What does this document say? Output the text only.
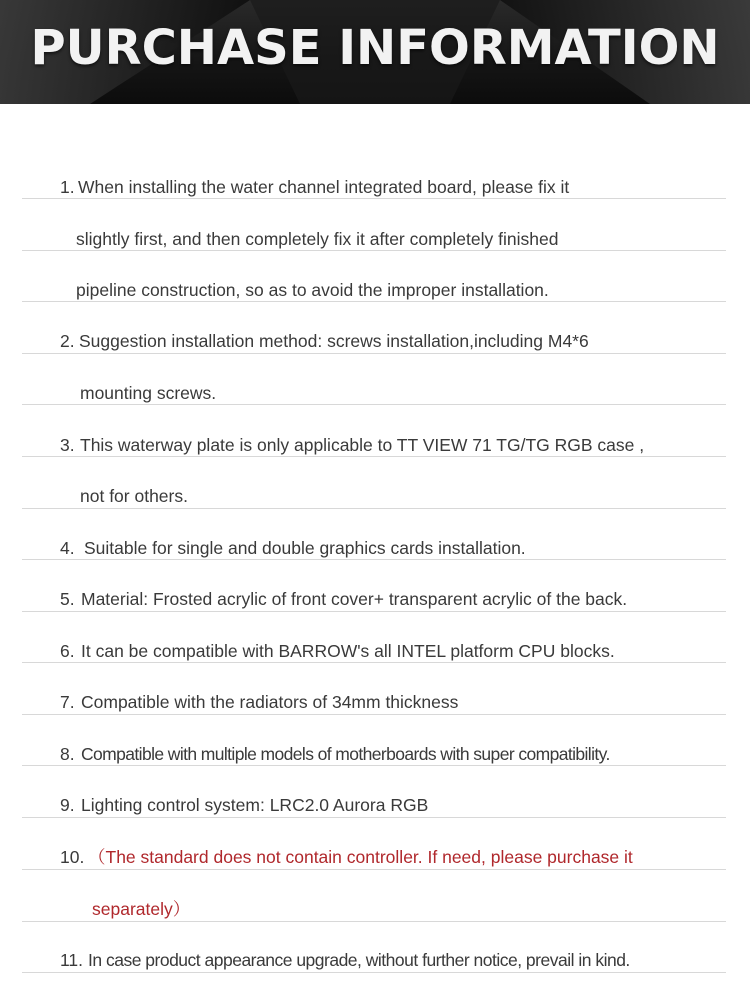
PURCHASE INFORMATION
1. When installing the water channel integrated board, please fix it
slightly first, and then completely fix it after completely finished
pipeline construction, so as to avoid the improper installation.
2. Suggestion installation method: screws installation,including M4*6
mounting screws.
3. This waterway plate is only applicable to TT VIEW 71 TG/TG RGB case ,
not for others.
4. Suitable for single and double graphics cards installation.
5. Material: Frosted acrylic of front cover+ transparent acrylic of the back.
6. It can be compatible with BARROW's all INTEL platform CPU blocks.
7. Compatible with the radiators of 34mm thickness
8. Compatible with multiple models of motherboards with super compatibility.
9. Lighting control system: LRC2.0 Aurora RGB
10. （The standard does not contain controller. If need, please purchase it
separately）
11. In case product appearance upgrade, without further notice, prevail in kind.
